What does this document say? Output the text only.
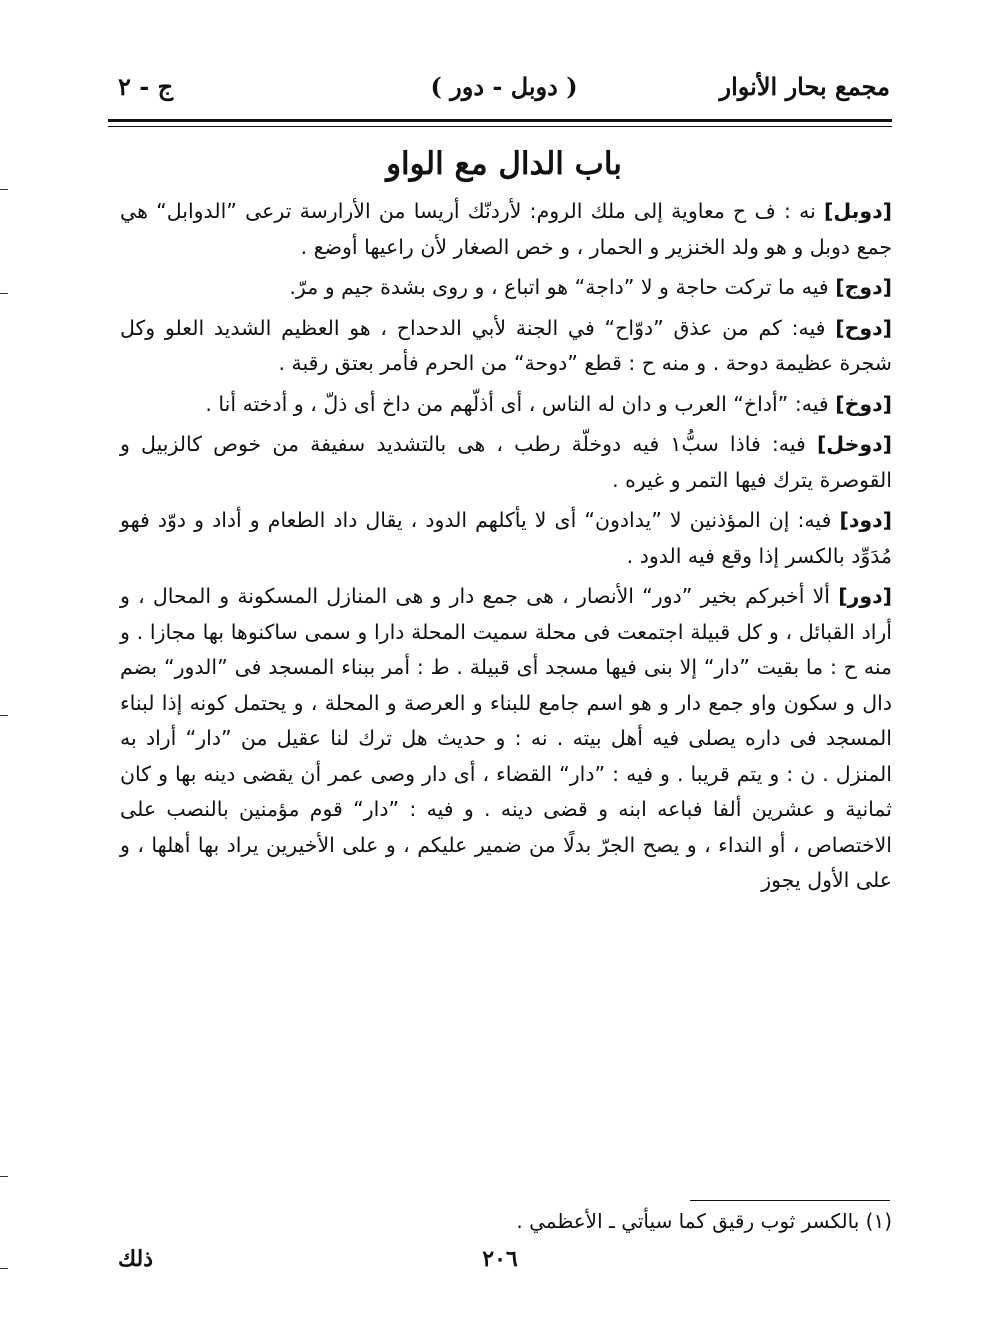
مجمع بحار الأنوار
( دوبل - دور )
ج - ٢
باب الدال مع الواو

[دوبل] نه : ف ح معاوية إلى ملك الروم: لأردنّك أريسا من الأرارسة ترعى ”الدوابل“ هي جمع دوبل و هو ولد الخنزير و الحمار ، و خص الصغار لأن راعيها أوضع .

[دوج] فيه ما تركت حاجة و لا ”داجة“ هو اتباع ، و روى بشدة جيم و مرّ.

[دوح] فيه: كم من عذق ”دوّاح“ في الجنة لأبي الدحداح ، هو العظيم الشديد العلو وكل شجرة عظيمة دوحة . و منه ح : قطع ”دوحة“ من الحرم فأمر بعتق رقبة .

[دوخ] فيه: ”أداخ“ العرب و دان له الناس ، أى أذلّهم من داخ أى ذلّ ، و أدخته أنا .

[دوخل] فيه: فاذا سبُّ١ فيه دوخلّة رطب ، هى بالتشديد سفيفة من خوص كالزبيل و القوصرة يترك فيها التمر و غيره .

[دود] فيه: إن المؤذنين لا ”يدادون“ أى لا يأكلهم الدود ، يقال داد الطعام و أداد و دوّد فهو مُدَوِّد بالكسر إذا وقع فيه الدود .

[دور] ألا أخبركم بخير ”دور“ الأنصار ، هى جمع دار و هى المنازل المسكونة و المحال ، و أراد القبائل ، و كل قبيلة اجتمعت فى محلة سميت المحلة دارا و سمى ساكنوها بها مجازا . و منه ح : ما بقيت ”دار“ إلا بنى فيها مسجد أى قبيلة . ط : أمر ببناء المسجد فى ”الدور“ بضم دال و سكون واو جمع دار و هو اسم جامع للبناء و العرصة و المحلة ، و يحتمل كونه إذا لبناء المسجد فى داره يصلى فيه أهل بيته . نه : و حديث هل ترك لنا عقيل من ”دار“ أراد به المنزل . ن : و يتم قريبا . و فيه : ”دار“ القضاء ، أى دار وصى عمر أن يقضى دينه بها و كان ثمانية و عشرين ألفا فباعه ابنه و قضى دينه . و فيه : ”دار“ قوم مؤمنين بالنصب على الاختصاص ، أو النداء ، و يصح الجرّ بدلًا من ضمير عليكم ، و على الأخيرين يراد بها أهلها ، و على الأول يجوز

(١) بالكسر ثوب رقيق كما سيأتي ـ الأعظمي .
٢٠٦
ذلك
